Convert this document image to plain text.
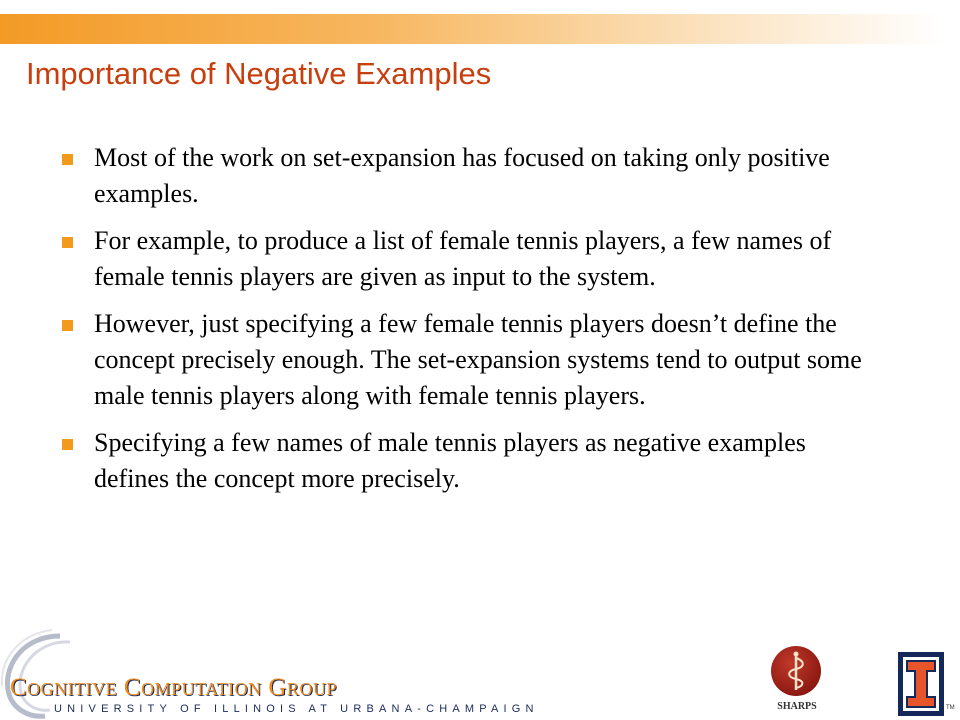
Importance of Negative Examples
Most of the work on set-expansion has focused on taking only positive examples.
For example, to produce a list of female tennis players, a few names of female tennis players are given as input to the system.
However, just specifying a few female tennis players doesn’t define the concept precisely enough. The set-expansion systems tend to output some male tennis players along with female tennis players.
Specifying a few names of male tennis players as negative examples defines the concept more precisely.
Cognitive Computation Group
UNIVERSITY OF ILLINOIS AT URBANA-CHAMPAIGN	SHARPS	TM
